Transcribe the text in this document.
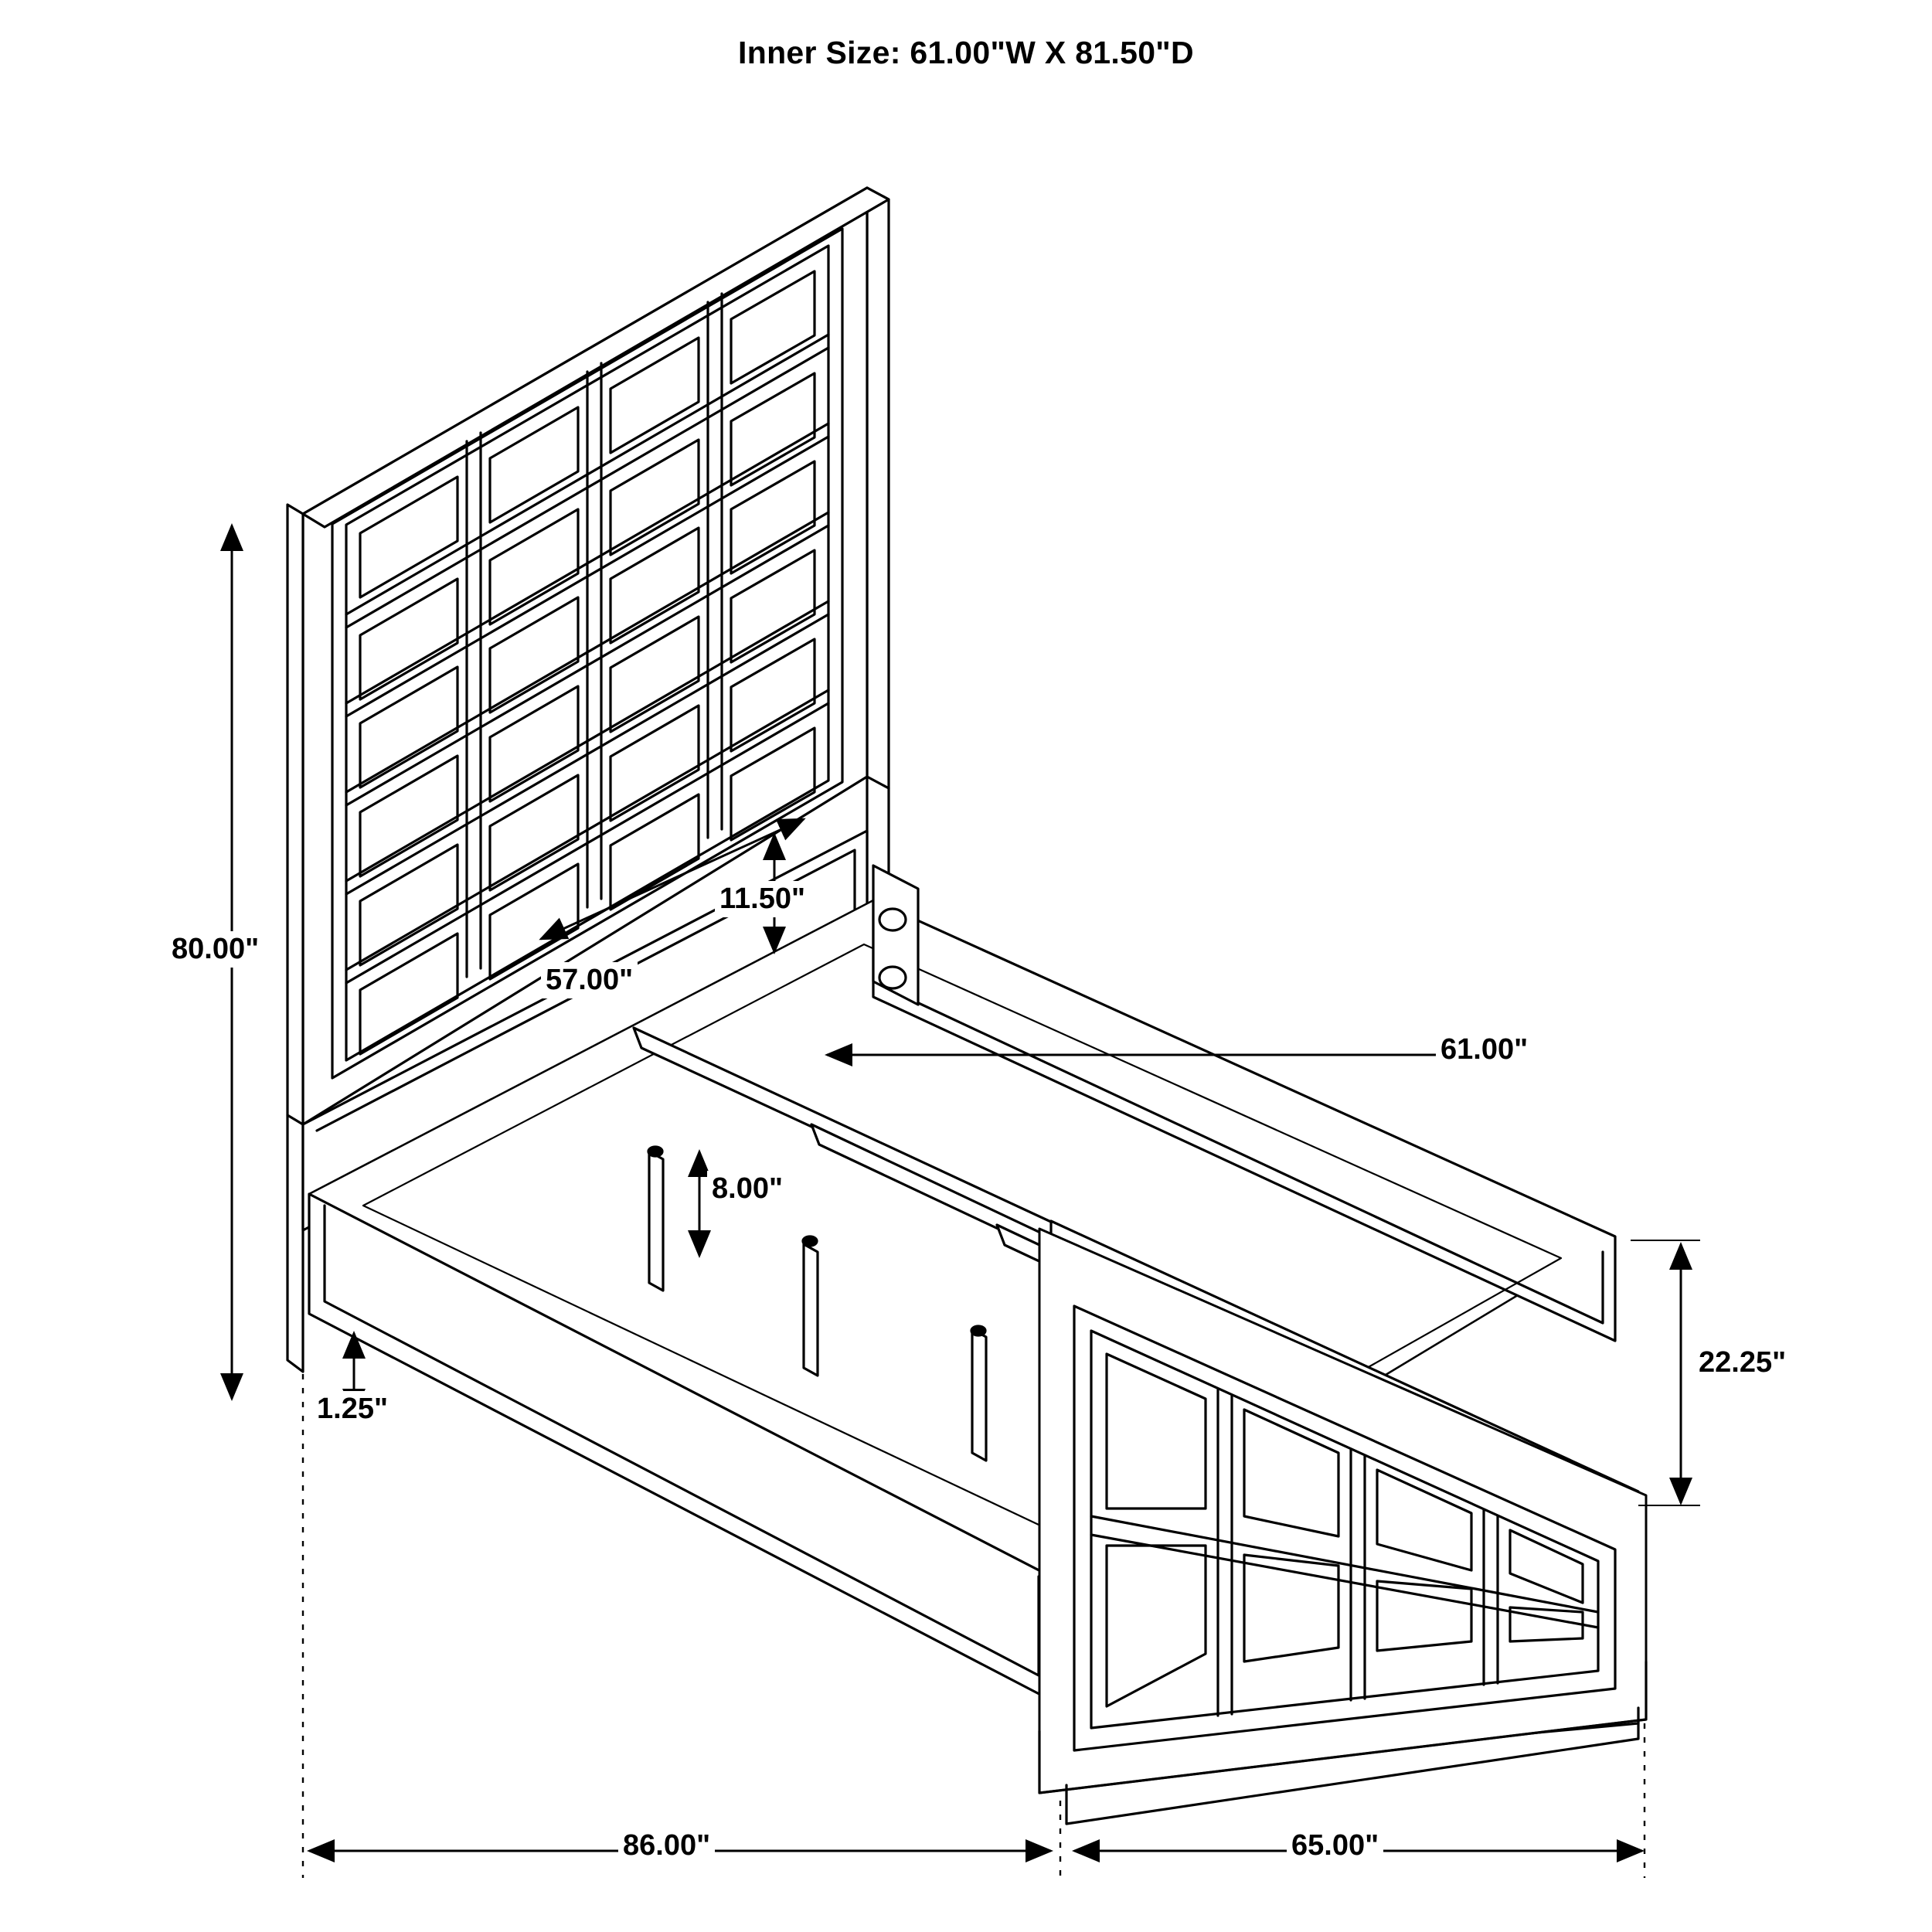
Inner Size: 61.00"W X 81.50"D
80.00"
57.00"
11.50"
61.00"
8.00"
22.25"
1.25"
86.00"	65.00"
